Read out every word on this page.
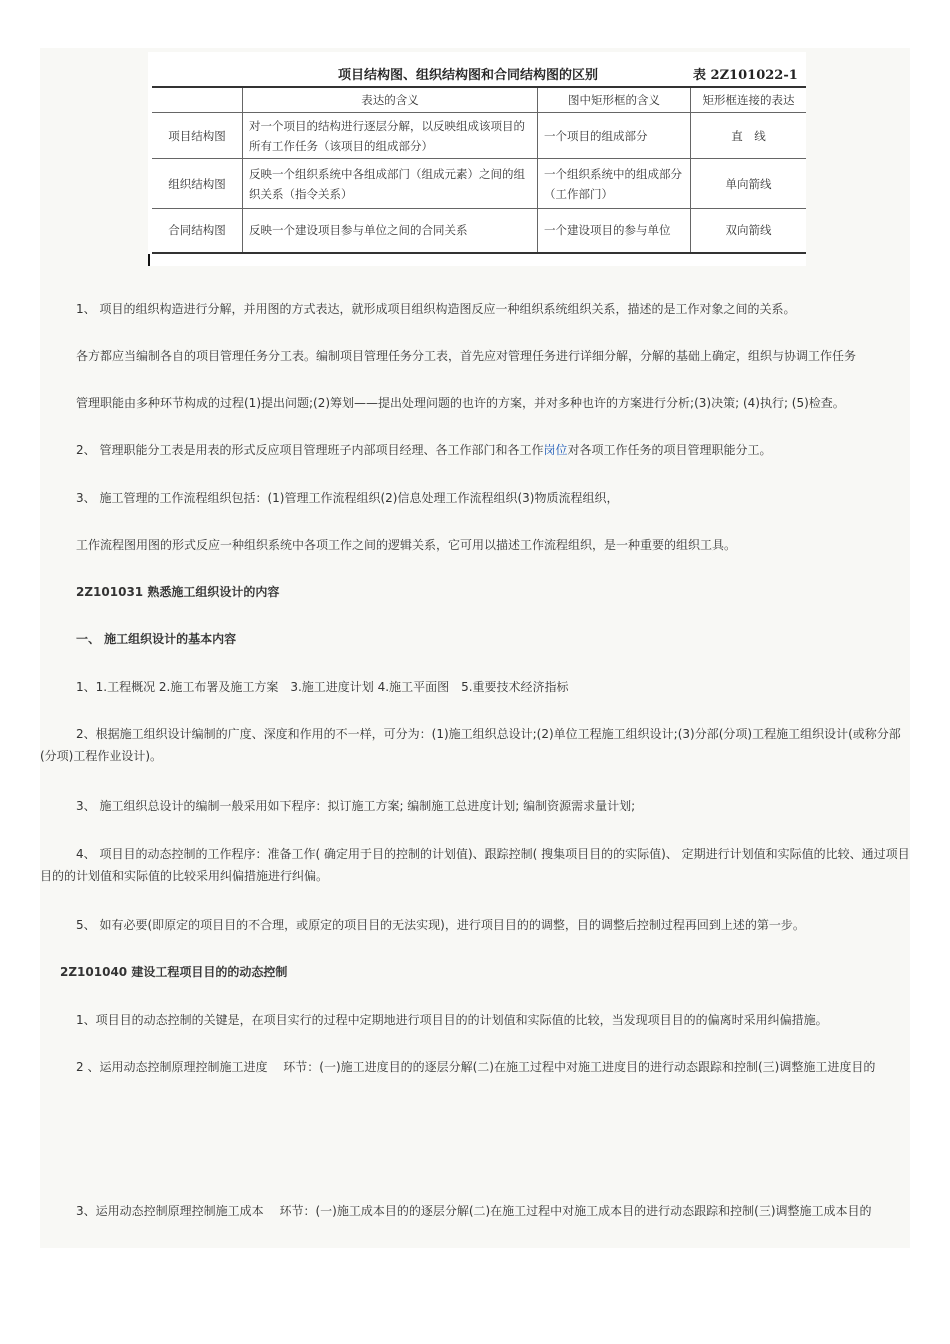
项目结构图、组织结构图和合同结构图的区别	表 2Z101022-1
	表达的含义	图中矩形框的含义	矩形框连接的表达
项目结构图	对一个项目的结构进行逐层分解，以反映组成该项目的所有工作任务（该项目的组成部分）	一个项目的组成部分	直　线
组织结构图	反映一个组织系统中各组成部门（组成元素）之间的组织关系（指令关系）	一个组织系统中的组成部分（工作部门）	单向箭线
合同结构图	反映一个建设项目参与单位之间的合同关系	一个建设项目的参与单位	双向箭线

1、 项目的组织构造进行分解，并用图的方式表达，就形成项目组织构造图反应一种组织系统组织关系，描述的是工作对象之间的关系。

各方都应当编制各自的项目管理任务分工表。编制项目管理任务分工表，首先应对管理任务进行详细分解，分解的基础上确定，组织与协调工作任务

管理职能由多种环节构成的过程(1)提出问题;(2)筹划——提出处理问题的也许的方案，并对多种也许的方案进行分析;(3)决策; (4)执行; (5)检查。

2、 管理职能分工表是用表的形式反应项目管理班子内部项目经理、各工作部门和各工作岗位对各项工作任务的项目管理职能分工。

3、 施工管理的工作流程组织包括：(1)管理工作流程组织(2)信息处理工作流程组织(3)物质流程组织，

工作流程图用图的形式反应一种组织系统中各项工作之间的逻辑关系，它可用以描述工作流程组织，是一种重要的组织工具。

2Z101031 熟悉施工组织设计的内容

一、 施工组织设计的基本内容

1、1.工程概况 2.施工布署及施工方案　3.施工进度计划 4.施工平面图　5.重要技术经济指标

2、根据施工组织设计编制的广度、深度和作用的不一样，可分为：(1)施工组织总设计;(2)单位工程施工组织设计;(3)分部(分项)工程施工组织设计(或称分部(分项)工程作业设计)。

3、 施工组织总设计的编制一般采用如下程序：拟订施工方案; 编制施工总进度计划; 编制资源需求量计划;

4、 项目目的动态控制的工作程序：准备工作( 确定用于目的控制的计划值)、跟踪控制( 搜集项目目的的实际值)、 定期进行计划值和实际值的比较、通过项目目的的计划值和实际值的比较采用纠偏措施进行纠偏。

5、 如有必要(即原定的项目目的不合理，或原定的项目目的无法实现)，进行项目目的的调整，目的调整后控制过程再回到上述的第一步。

2Z101040 建设工程项目目的的动态控制

1、项目目的动态控制的关键是，在项目实行的过程中定期地进行项目目的的计划值和实际值的比较，当发现项目目的的偏离时采用纠偏措施。

2 、运用动态控制原理控制施工进度　 环节：(一)施工进度目的的逐层分解(二)在施工过程中对施工进度目的进行动态跟踪和控制(三)调整施工进度目的

3、运用动态控制原理控制施工成本　 环节：(一)施工成本目的的逐层分解(二)在施工过程中对施工成本目的进行动态跟踪和控制(三)调整施工成本目的
